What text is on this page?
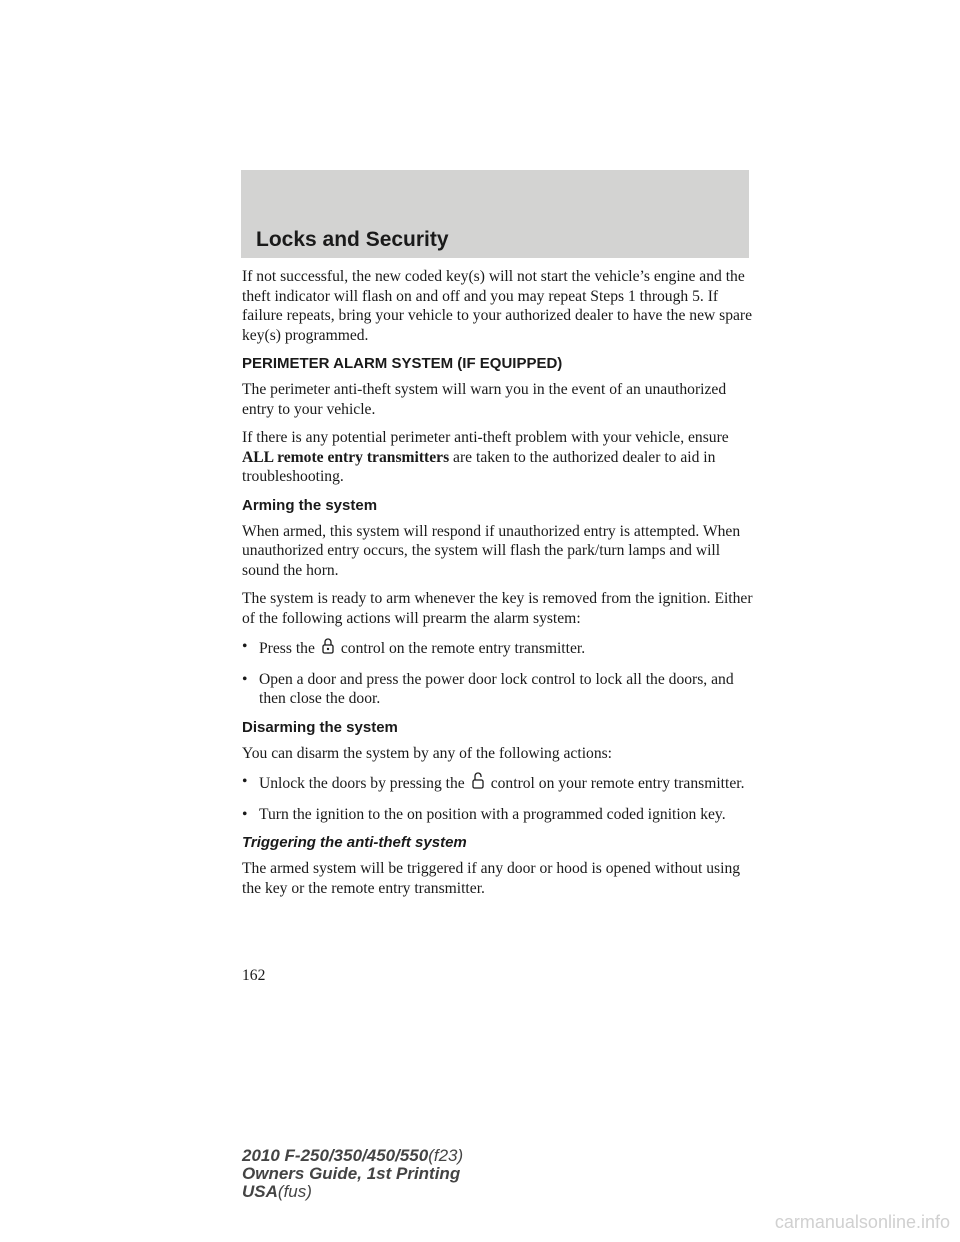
Locks and Security

If not successful, the new coded key(s) will not start the vehicle’s engine and the theft indicator will flash on and off and you may repeat Steps 1 through 5. If failure repeats, bring your vehicle to your authorized dealer to have the new spare key(s) programmed.

PERIMETER ALARM SYSTEM (IF EQUIPPED)

The perimeter anti-theft system will warn you in the event of an unauthorized entry to your vehicle.

If there is any potential perimeter anti-theft problem with your vehicle, ensure ALL remote entry transmitters are taken to the authorized dealer to aid in troubleshooting.

Arming the system

When armed, this system will respond if unauthorized entry is attempted. When unauthorized entry occurs, the system will flash the park/turn lamps and will sound the horn.

The system is ready to arm whenever the key is removed from the ignition. Either of the following actions will prearm the alarm system:

• Press the control on the remote entry transmitter.

• Open a door and press the power door lock control to lock all the doors, and then close the door.

Disarming the system

You can disarm the system by any of the following actions:

• Unlock the doors by pressing the control on your remote entry transmitter.

• Turn the ignition to the on position with a programmed coded ignition key.

Triggering the anti-theft system

The armed system will be triggered if any door or hood is opened without using the key or the remote entry transmitter.

162
2010 F-250/350/450/550(f23)
Owners Guide, 1st Printing
USA(fus)
carmanualsonline.info
